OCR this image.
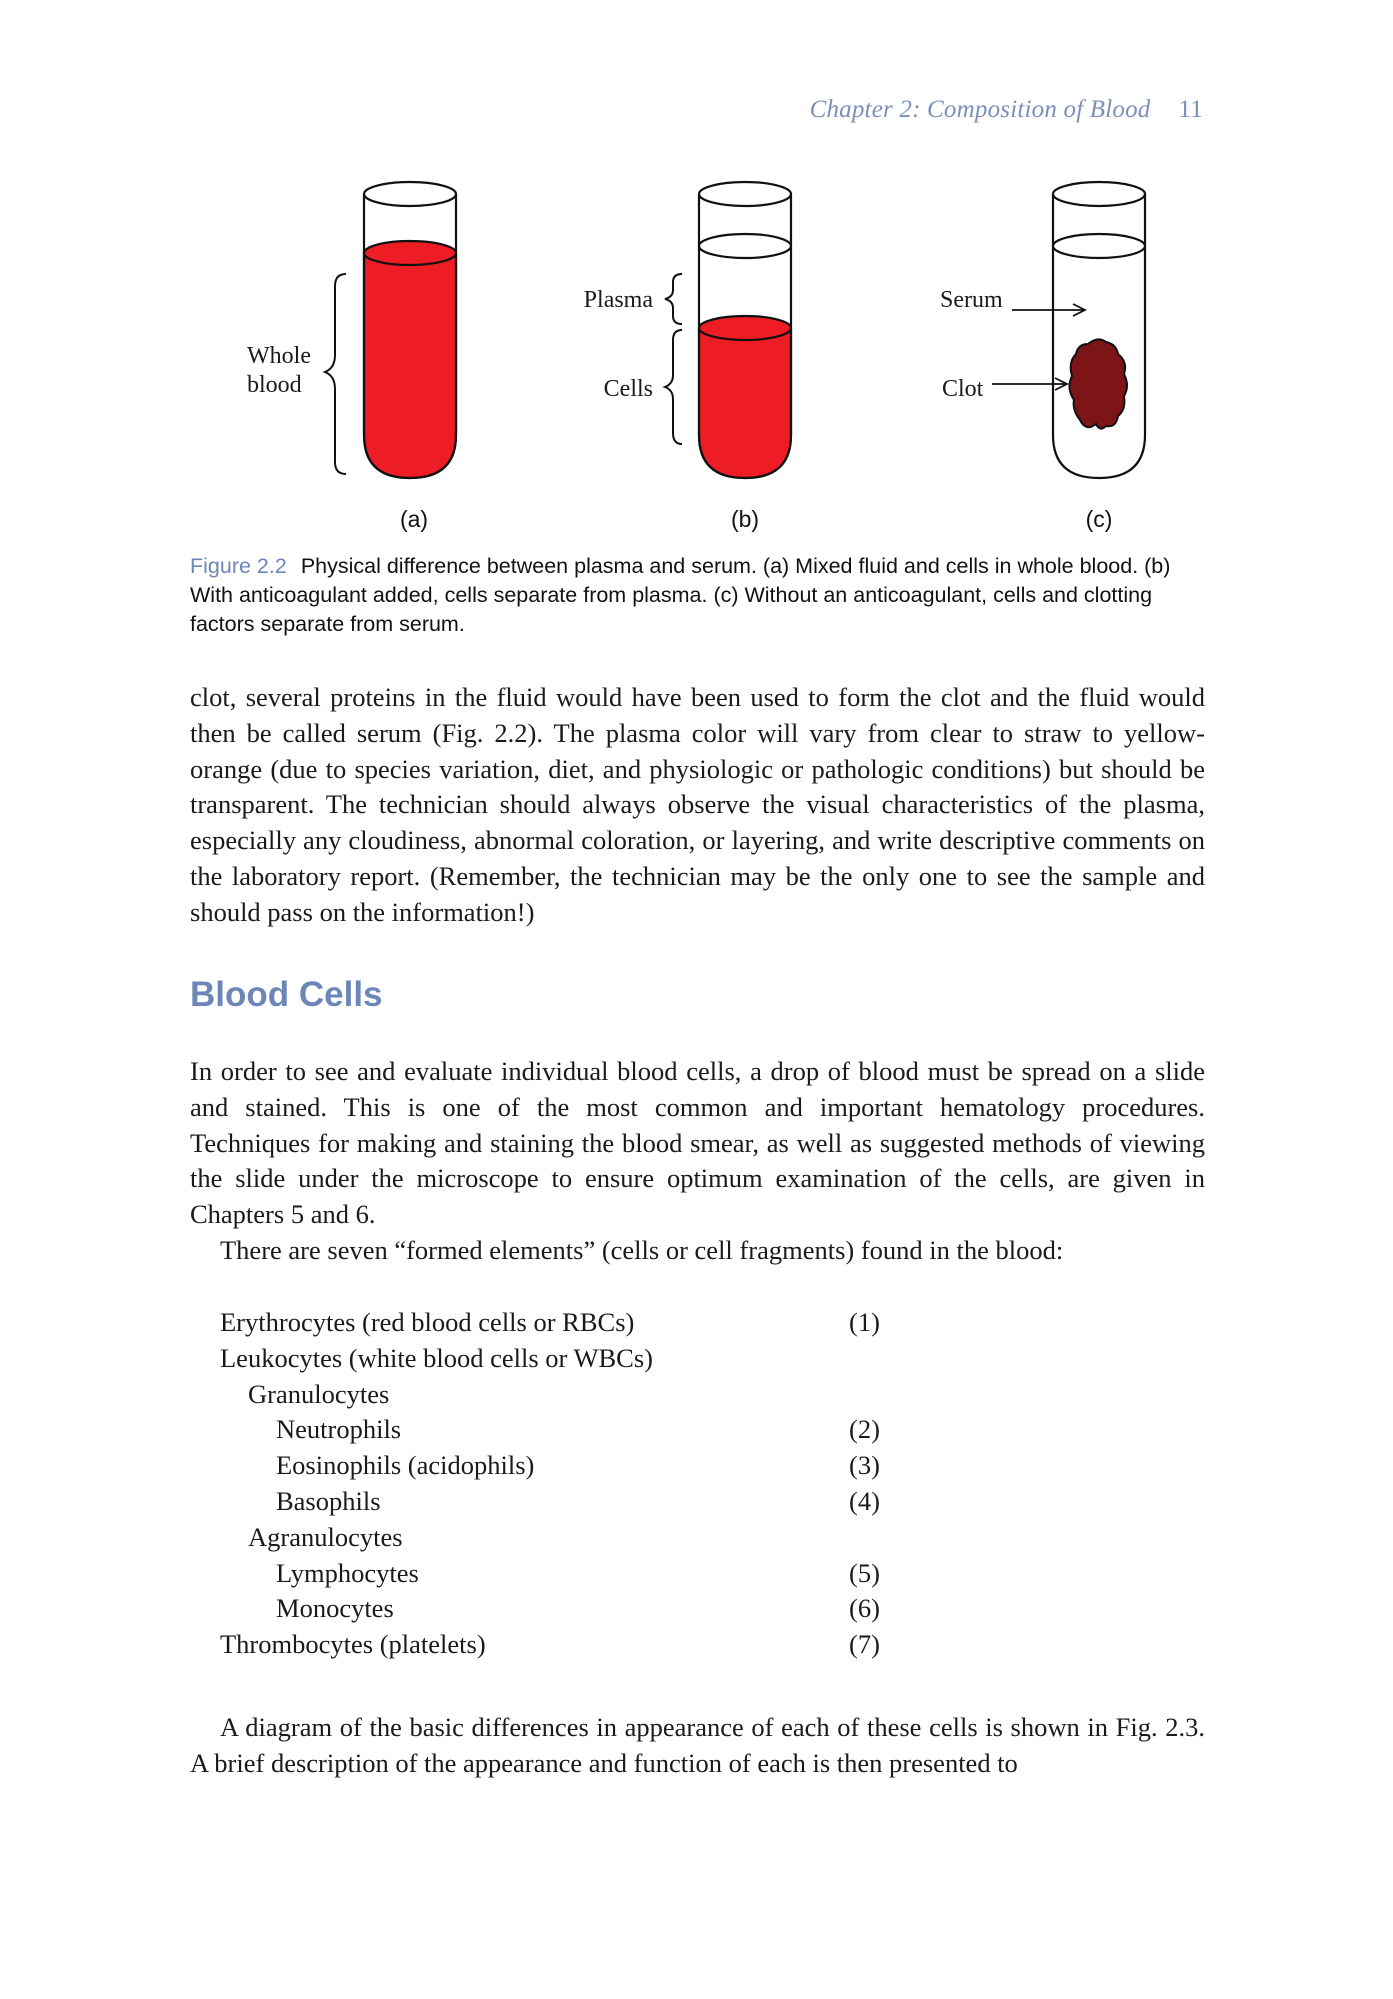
Chapter 2: Composition of Blood 11
Whole
blood
Plasma
Cells
Serum
Clot
(a)	(b)	(c)
Figure 2.2 Physical difference between plasma and serum. (a) Mixed fluid and cells in whole blood. (b) With anticoagulant added, cells separate from plasma. (c) Without an anticoagulant, cells and clotting factors separate from serum.

clot, several proteins in the fluid would have been used to form the clot and the fluid would then be called serum (Fig. 2.2). The plasma color will vary from clear to straw to yellow-orange (due to species variation, diet, and physiologic or pathologic conditions) but should be transparent. The technician should always observe the visual characteristics of the plasma, especially any cloudiness, abnormal coloration, or layering, and write descriptive comments on the laboratory report. (Remember, the technician may be the only one to see the sample and should pass on the information!)

Blood Cells

In order to see and evaluate individual blood cells, a drop of blood must be spread on a slide and stained. This is one of the most common and important hematology procedures. Techniques for making and staining the blood smear, as well as suggested methods of viewing the slide under the microscope to ensure optimum examination of the cells, are given in Chapters 5 and 6.

There are seven “formed elements” (cells or cell fragments) found in the blood:

Erythrocytes (red blood cells or RBCs)	(1)
Leukocytes (white blood cells or WBCs)
Granulocytes
Neutrophils	(2)
Eosinophils (acidophils)	(3)
Basophils	(4)
Agranulocytes
Lymphocytes	(5)
Monocytes	(6)
Thrombocytes (platelets)	(7)

A diagram of the basic differences in appearance of each of these cells is shown in Fig. 2.3. A brief description of the appearance and function of each is then presented to
